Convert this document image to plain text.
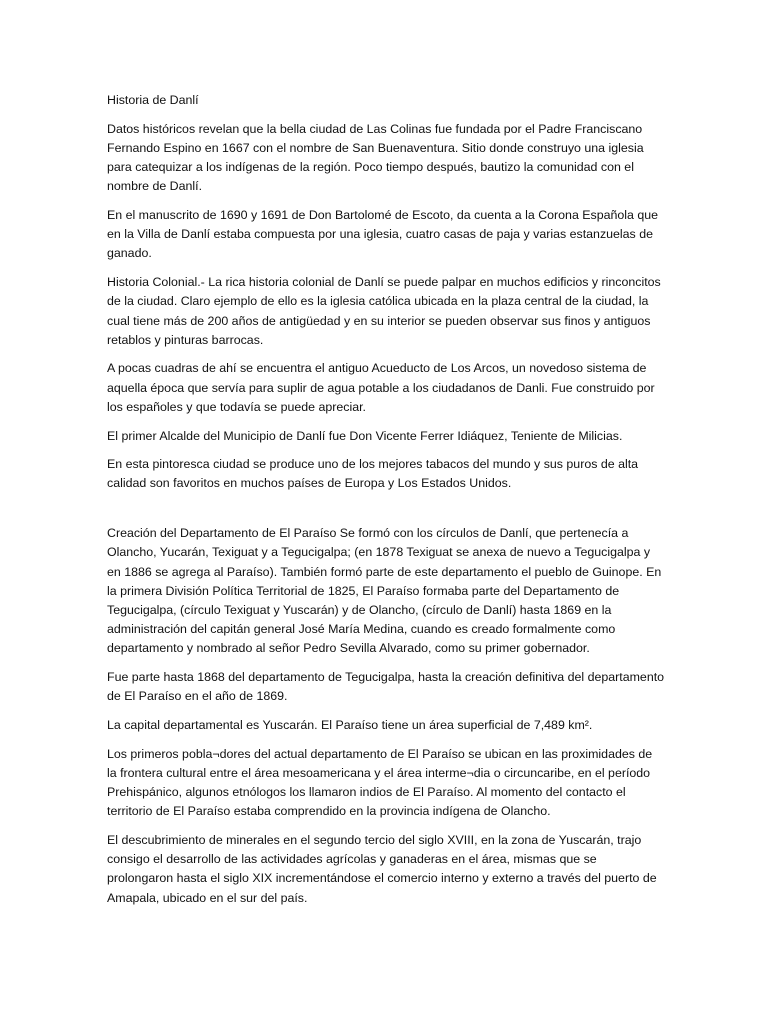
Historia de Danlí

Datos históricos revelan que la bella ciudad de Las Colinas fue fundada por el Padre Franciscano Fernando Espino en 1667 con el nombre de San Buenaventura. Sitio donde construyo una iglesia para catequizar a los indígenas de la región. Poco tiempo después, bautizo la comunidad con el nombre de Danlí.

En el manuscrito de 1690 y 1691 de Don Bartolomé de Escoto, da cuenta a la Corona Española que en la Villa de Danlí estaba compuesta por una iglesia, cuatro casas de paja y varias estanzuelas de ganado.

Historia Colonial.- La rica historia colonial de Danlí se puede palpar en muchos edificios y rinconcitos de la ciudad. Claro ejemplo de ello es la iglesia católica ubicada en la plaza central de la ciudad, la cual tiene más de 200 años de antigüedad y en su interior se pueden observar sus finos y antiguos retablos y pinturas barrocas.

A pocas cuadras de ahí se encuentra el antiguo Acueducto de Los Arcos, un novedoso sistema de aquella época que servía para suplir de agua potable a los ciudadanos de Danli. Fue construido por los españoles y que todavía se puede apreciar.

El primer Alcalde del Municipio de Danlí fue Don Vicente Ferrer Idiáquez, Teniente de Milicias.

En esta pintoresca ciudad se produce uno de los mejores tabacos del mundo y sus puros de alta calidad son favoritos en muchos países de Europa y Los Estados Unidos.

Creación del Departamento de El Paraíso Se formó con los círculos de Danlí, que pertenecía a Olancho, Yucarán, Texiguat y a Tegucigalpa; (en 1878 Texiguat se anexa de nuevo a Tegucigalpa y en 1886 se agrega al Paraíso). También formó parte de este departamento el pueblo de Guinope. En la primera División Política Territorial de 1825, El Paraíso formaba parte del Departamento de Tegucigalpa, (círculo Texiguat y Yuscarán) y de Olancho, (círculo de Danlí) hasta 1869 en la administración del capitán general José María Medina, cuando es creado formalmente como departamento y nombrado al señor Pedro Sevilla Alvarado, como su primer gobernador.

Fue parte hasta 1868 del departamento de Tegucigalpa, hasta la creación definitiva del departamento de El Paraíso en el año de 1869.

La capital departamental es Yuscarán. El Paraíso tiene un área superficial de 7,489 km².

Los primeros pobla¬dores del actual departamento de El Paraíso se ubican en las proximidades de la frontera cultural entre el área mesoamericana y el área interme¬dia o circuncaribe, en el período Prehispánico, algunos etnólogos los llamaron indios de El Paraíso. Al momento del contacto el territorio de El Paraíso estaba comprendido en la provincia indígena de Olancho.

El descubrimiento de minerales en el segundo tercio del siglo XVIII, en la zona de Yuscarán, trajo consigo el desarrollo de las actividades agrícolas y ganaderas en el área, mismas que se prolongaron hasta el siglo XIX incrementándose el comercio interno y externo a través del puerto de Amapala, ubicado en el sur del país.
